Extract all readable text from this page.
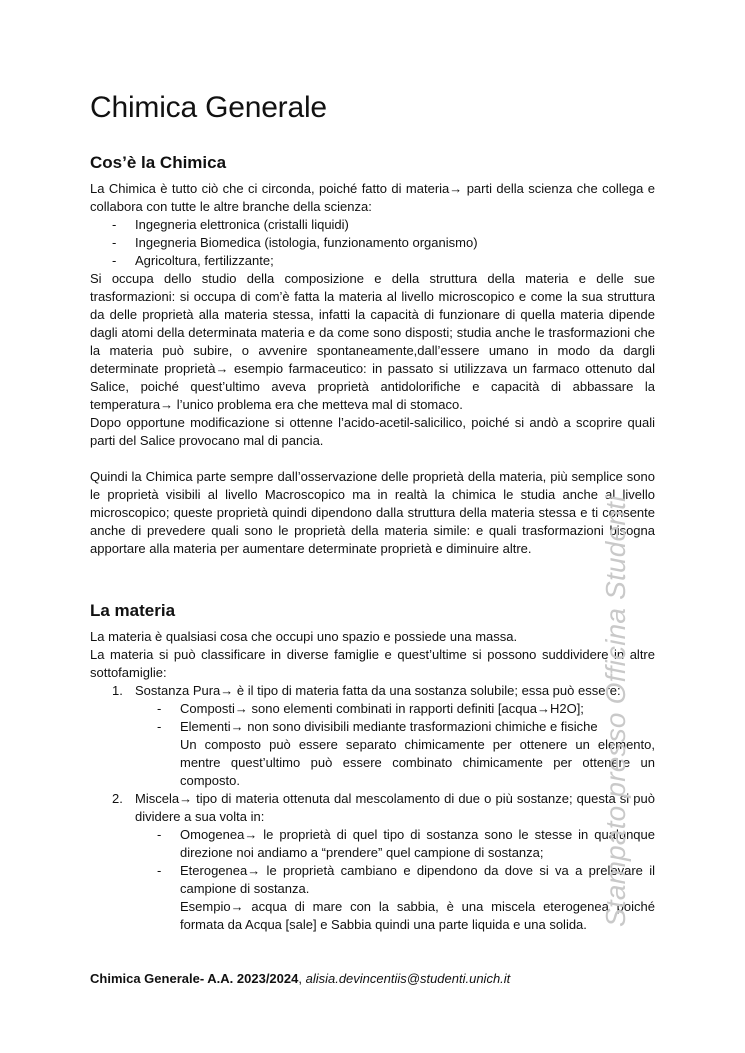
Chimica Generale
Cos’è la Chimica

La Chimica è tutto ciò che ci circonda, poiché fatto di materia→ parti della scienza che collega e collabora con tutte le altre branche della scienza:

- Ingegneria elettronica (cristalli liquidi)
- Ingegneria Biomedica (istologia, funzionamento organismo)
- Agricoltura, fertilizzante;

Si occupa dello studio della composizione e della struttura della materia e delle sue trasformazioni: si occupa di com’è fatta la materia al livello microscopico e come la sua struttura da delle proprietà alla materia stessa, infatti la capacità di funzionare di quella materia dipende dagli atomi della determinata materia e da come sono disposti; studia anche le trasformazioni che la materia può subire, o avvenire spontaneamente,dall’essere umano in modo da dargli determinate proprietà→ esempio farmaceutico: in passato si utilizzava un farmaco ottenuto dal Salice, poiché quest’ultimo aveva proprietà antidolorifiche e capacità di abbassare la temperatura→ l’unico problema era che metteva mal di stomaco.

Dopo opportune modificazione si ottenne l’acido-acetil-salicilico, poiché si andò a scoprire quali parti del Salice provocano mal di pancia.

Quindi la Chimica parte sempre dall’osservazione delle proprietà della materia, più semplice sono le proprietà visibili al livello Macroscopico ma in realtà la chimica le studia anche al livello microscopico; queste proprietà quindi dipendono dalla struttura della materia stessa e ti consente anche di prevedere quali sono le proprietà della materia simile: e quali trasformazioni bisogna apportare alla materia per aumentare determinate proprietà e diminuire altre.

La materia

La materia è qualsiasi cosa che occupi uno spazio e possiede una massa.

La materia si può classificare in diverse famiglie e quest’ultime si possono suddividere in altre sottofamiglie:

1. Sostanza Pura→ è il tipo di materia fatta da una sostanza solubile; essa può essere:
- Composti→ sono elementi combinati in rapporti definiti [acqua→H2O];
- Elementi→ non sono divisibili mediante trasformazioni chimiche e fisiche
Un composto può essere separato chimicamente per ottenere un elemento, mentre quest’ultimo può essere combinato chimicamente per ottenere un composto.
2. Miscela→ tipo di materia ottenuta dal mescolamento di due o più sostanze; questa si può dividere a sua volta in:
- Omogenea→ le proprietà di quel tipo di sostanza sono le stesse in qualunque direzione noi andiamo a “prendere” quel campione di sostanza;
- Eterogenea→ le proprietà cambiano e dipendono da dove si va a prelevare il campione di sostanza.
Esempio→ acqua di mare con la sabbia, è una miscela eterogenea poiché formata da Acqua [sale] e Sabbia quindi una parte liquida e una solida.
Chimica Generale- A.A. 2023/2024, alisia.devincentiis@studenti.unich.it
Stampato presso Officina Studenti
